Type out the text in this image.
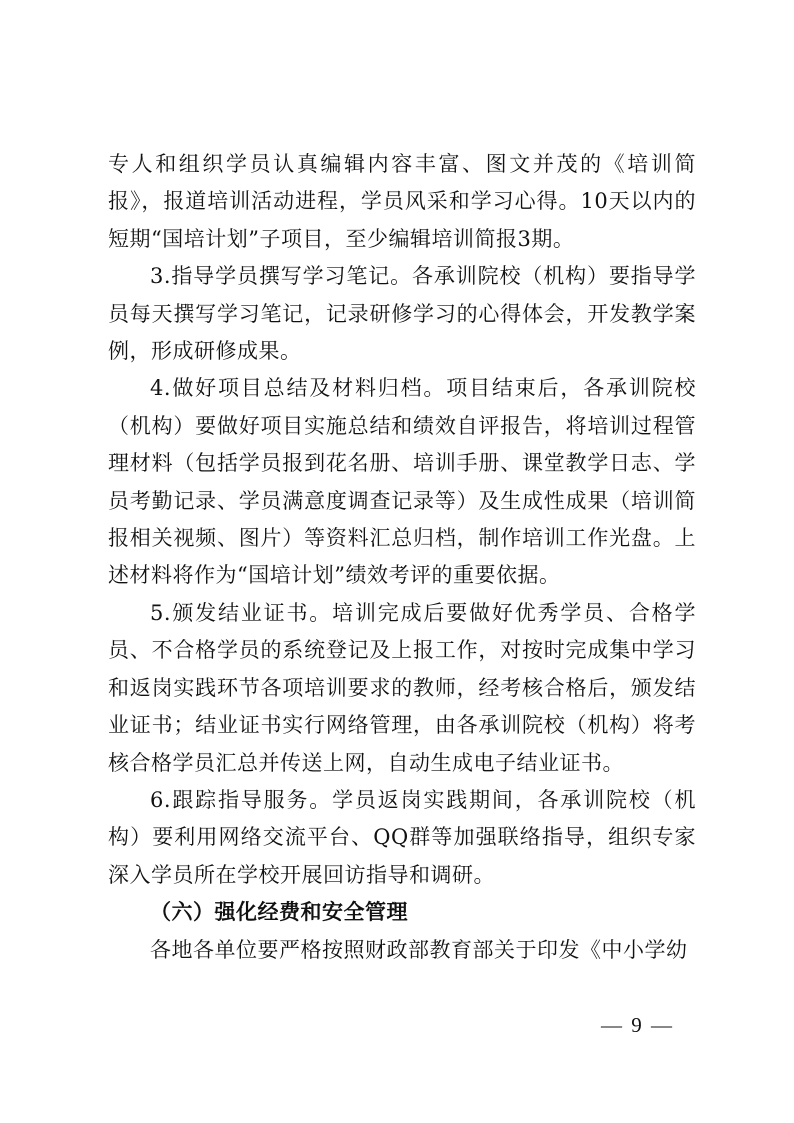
专人和组织学员认真编辑内容丰富、图文并茂的《培训简报》，报道培训活动进程，学员风采和学习心得。10天以内的短期“国培计划”子项目，至少编辑培训简报3期。

3.指导学员撰写学习笔记。各承训院校（机构）要指导学员每天撰写学习笔记，记录研修学习的心得体会，开发教学案例，形成研修成果。

4.做好项目总结及材料归档。项目结束后，各承训院校（机构）要做好项目实施总结和绩效自评报告，将培训过程管理材料（包括学员报到花名册、培训手册、课堂教学日志、学员考勤记录、学员满意度调查记录等）及生成性成果（培训简报相关视频、图片）等资料汇总归档，制作培训工作光盘。上述材料将作为“国培计划”绩效考评的重要依据。

5.颁发结业证书。培训完成后要做好优秀学员、合格学员、不合格学员的系统登记及上报工作，对按时完成集中学习和返岗实践环节各项培训要求的教师，经考核合格后，颁发结业证书；结业证书实行网络管理，由各承训院校（机构）将考核合格学员汇总并传送上网，自动生成电子结业证书。

6.跟踪指导服务。学员返岗实践期间，各承训院校（机构）要利用网络交流平台、QQ群等加强联络指导，组织专家深入学员所在学校开展回访指导和调研。

（六）强化经费和安全管理

各地各单位要严格按照财政部教育部关于印发《中小学幼

— 9 —
